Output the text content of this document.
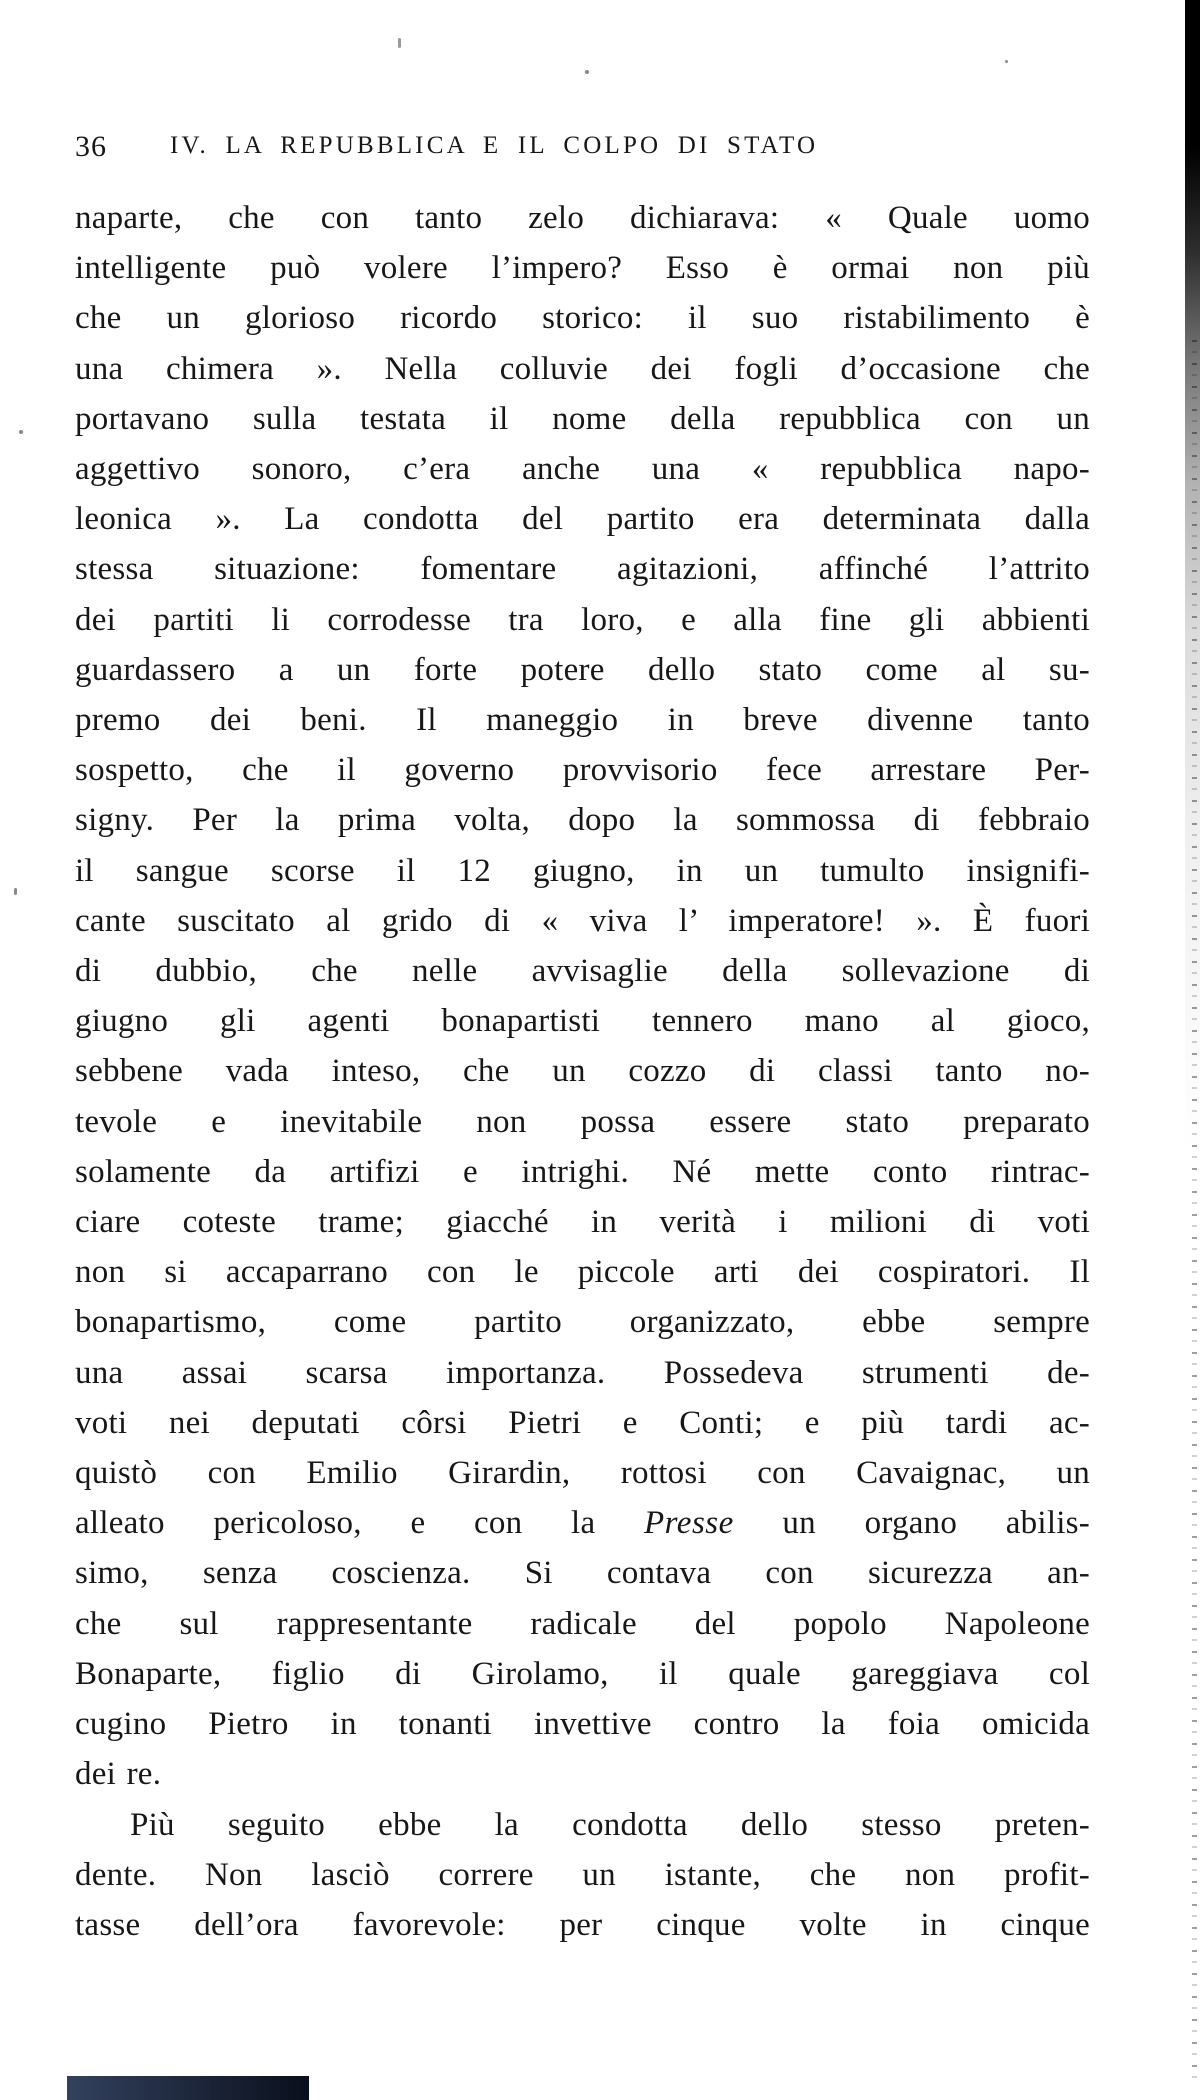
36	IV. LA REPUBBLICA E IL COLPO DI STATO
naparte, che con tanto zelo dichiarava: « Quale uomo
intelligente può volere l’impero? Esso è ormai non più
che un glorioso ricordo storico: il suo ristabilimento è
una chimera ». Nella colluvie dei fogli d’occasione che
portavano sulla testata il nome della repubblica con un
aggettivo sonoro, c’era anche una « repubblica napo-
leonica ». La condotta del partito era determinata dalla
stessa situazione: fomentare agitazioni, affinché l’attrito
dei partiti li corrodesse tra loro, e alla fine gli abbienti
guardassero a un forte potere dello stato come al su-
premo dei beni. Il maneggio in breve divenne tanto
sospetto, che il governo provvisorio fece arrestare Per-
signy. Per la prima volta, dopo la sommossa di febbraio
il sangue scorse il 12 giugno, in un tumulto insignifi-
cante suscitato al grido di « viva l’ imperatore! ». È fuori
di dubbio, che nelle avvisaglie della sollevazione di
giugno gli agenti bonapartisti tennero mano al gioco,
sebbene vada inteso, che un cozzo di classi tanto no-
tevole e inevitabile non possa essere stato preparato
solamente da artifizi e intrighi. Né mette conto rintrac-
ciare coteste trame; giacché in verità i milioni di voti
non si accaparrano con le piccole arti dei cospiratori. Il
bonapartismo, come partito organizzato, ebbe sempre
una assai scarsa importanza. Possedeva strumenti de-
voti nei deputati côrsi Pietri e Conti; e più tardi ac-
quistò con Emilio Girardin, rottosi con Cavaignac, un
alleato pericoloso, e con la Presse un organo abilis-
simo, senza coscienza. Si contava con sicurezza an-
che sul rappresentante radicale del popolo Napoleone
Bonaparte, figlio di Girolamo, il quale gareggiava col
cugino Pietro in tonanti invettive contro la foia omicida
dei re.
Più seguito ebbe la condotta dello stesso preten-
dente. Non lasciò correre un istante, che non profit-
tasse dell’ora favorevole: per cinque volte in cinque
